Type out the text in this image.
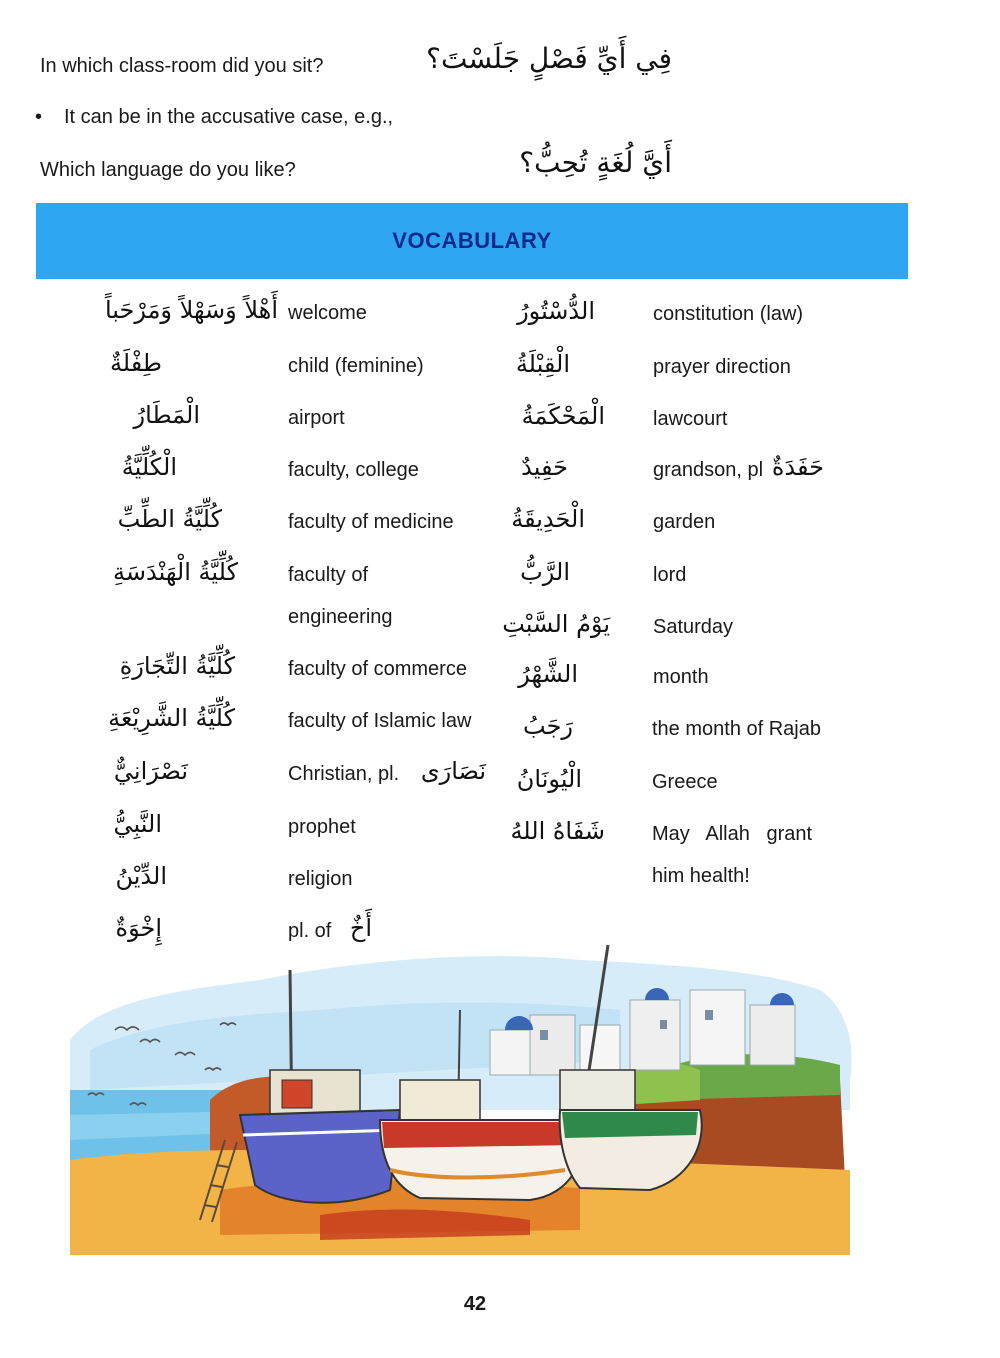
In which class-room did you sit?	فِي أَيِّ فَصْلٍ جَلَسْتَ؟
• It can be in the accusative case, e.g.,
Which language do you like?	أَيَّ لُغَةٍ تُحِبُّ؟
VOCABULARY
أَهْلاً وَسَهْلاً وَمَرْحَباً welcome
طِفْلَةٌ	child (feminine)
الْمَطَارُ	airport
الْكُلِّيَّةُ	faculty, college
كُلِّيَّةُ الطِّبِّ	faculty of medicine
كُلِّيَّةُ الْهَنْدَسَةِ	faculty of
engineering
كُلِّيَّةُ التِّجَارَةِ	faculty of commerce
كُلِّيَّةُ الشَّرِيْعَةِ	faculty of Islamic law
نَصْرَانِيٌّ	Christian, pl. نَصَارَى
النَّبِيُّ	prophet
الدِّيْنُ	religion
إِخْوَةٌ	pl. of أَخٌ
الدُّسْتُورُ	constitution (law)
الْقِبْلَةُ	prayer direction
الْمَحْكَمَةُ lawcourt
حَفِيدٌ	grandson, pl حَفَدَةٌ
الْحَدِيقَةُ	garden
الرَّبُّ	lord
يَوْمُ السَّبْتِ Saturday
الشَّهْرُ	month
رَجَبُ	the month of Rajab
الْيُونَانُ	Greece
شَفَاهُ اللهُ May   Allah   grant
him health!
42
